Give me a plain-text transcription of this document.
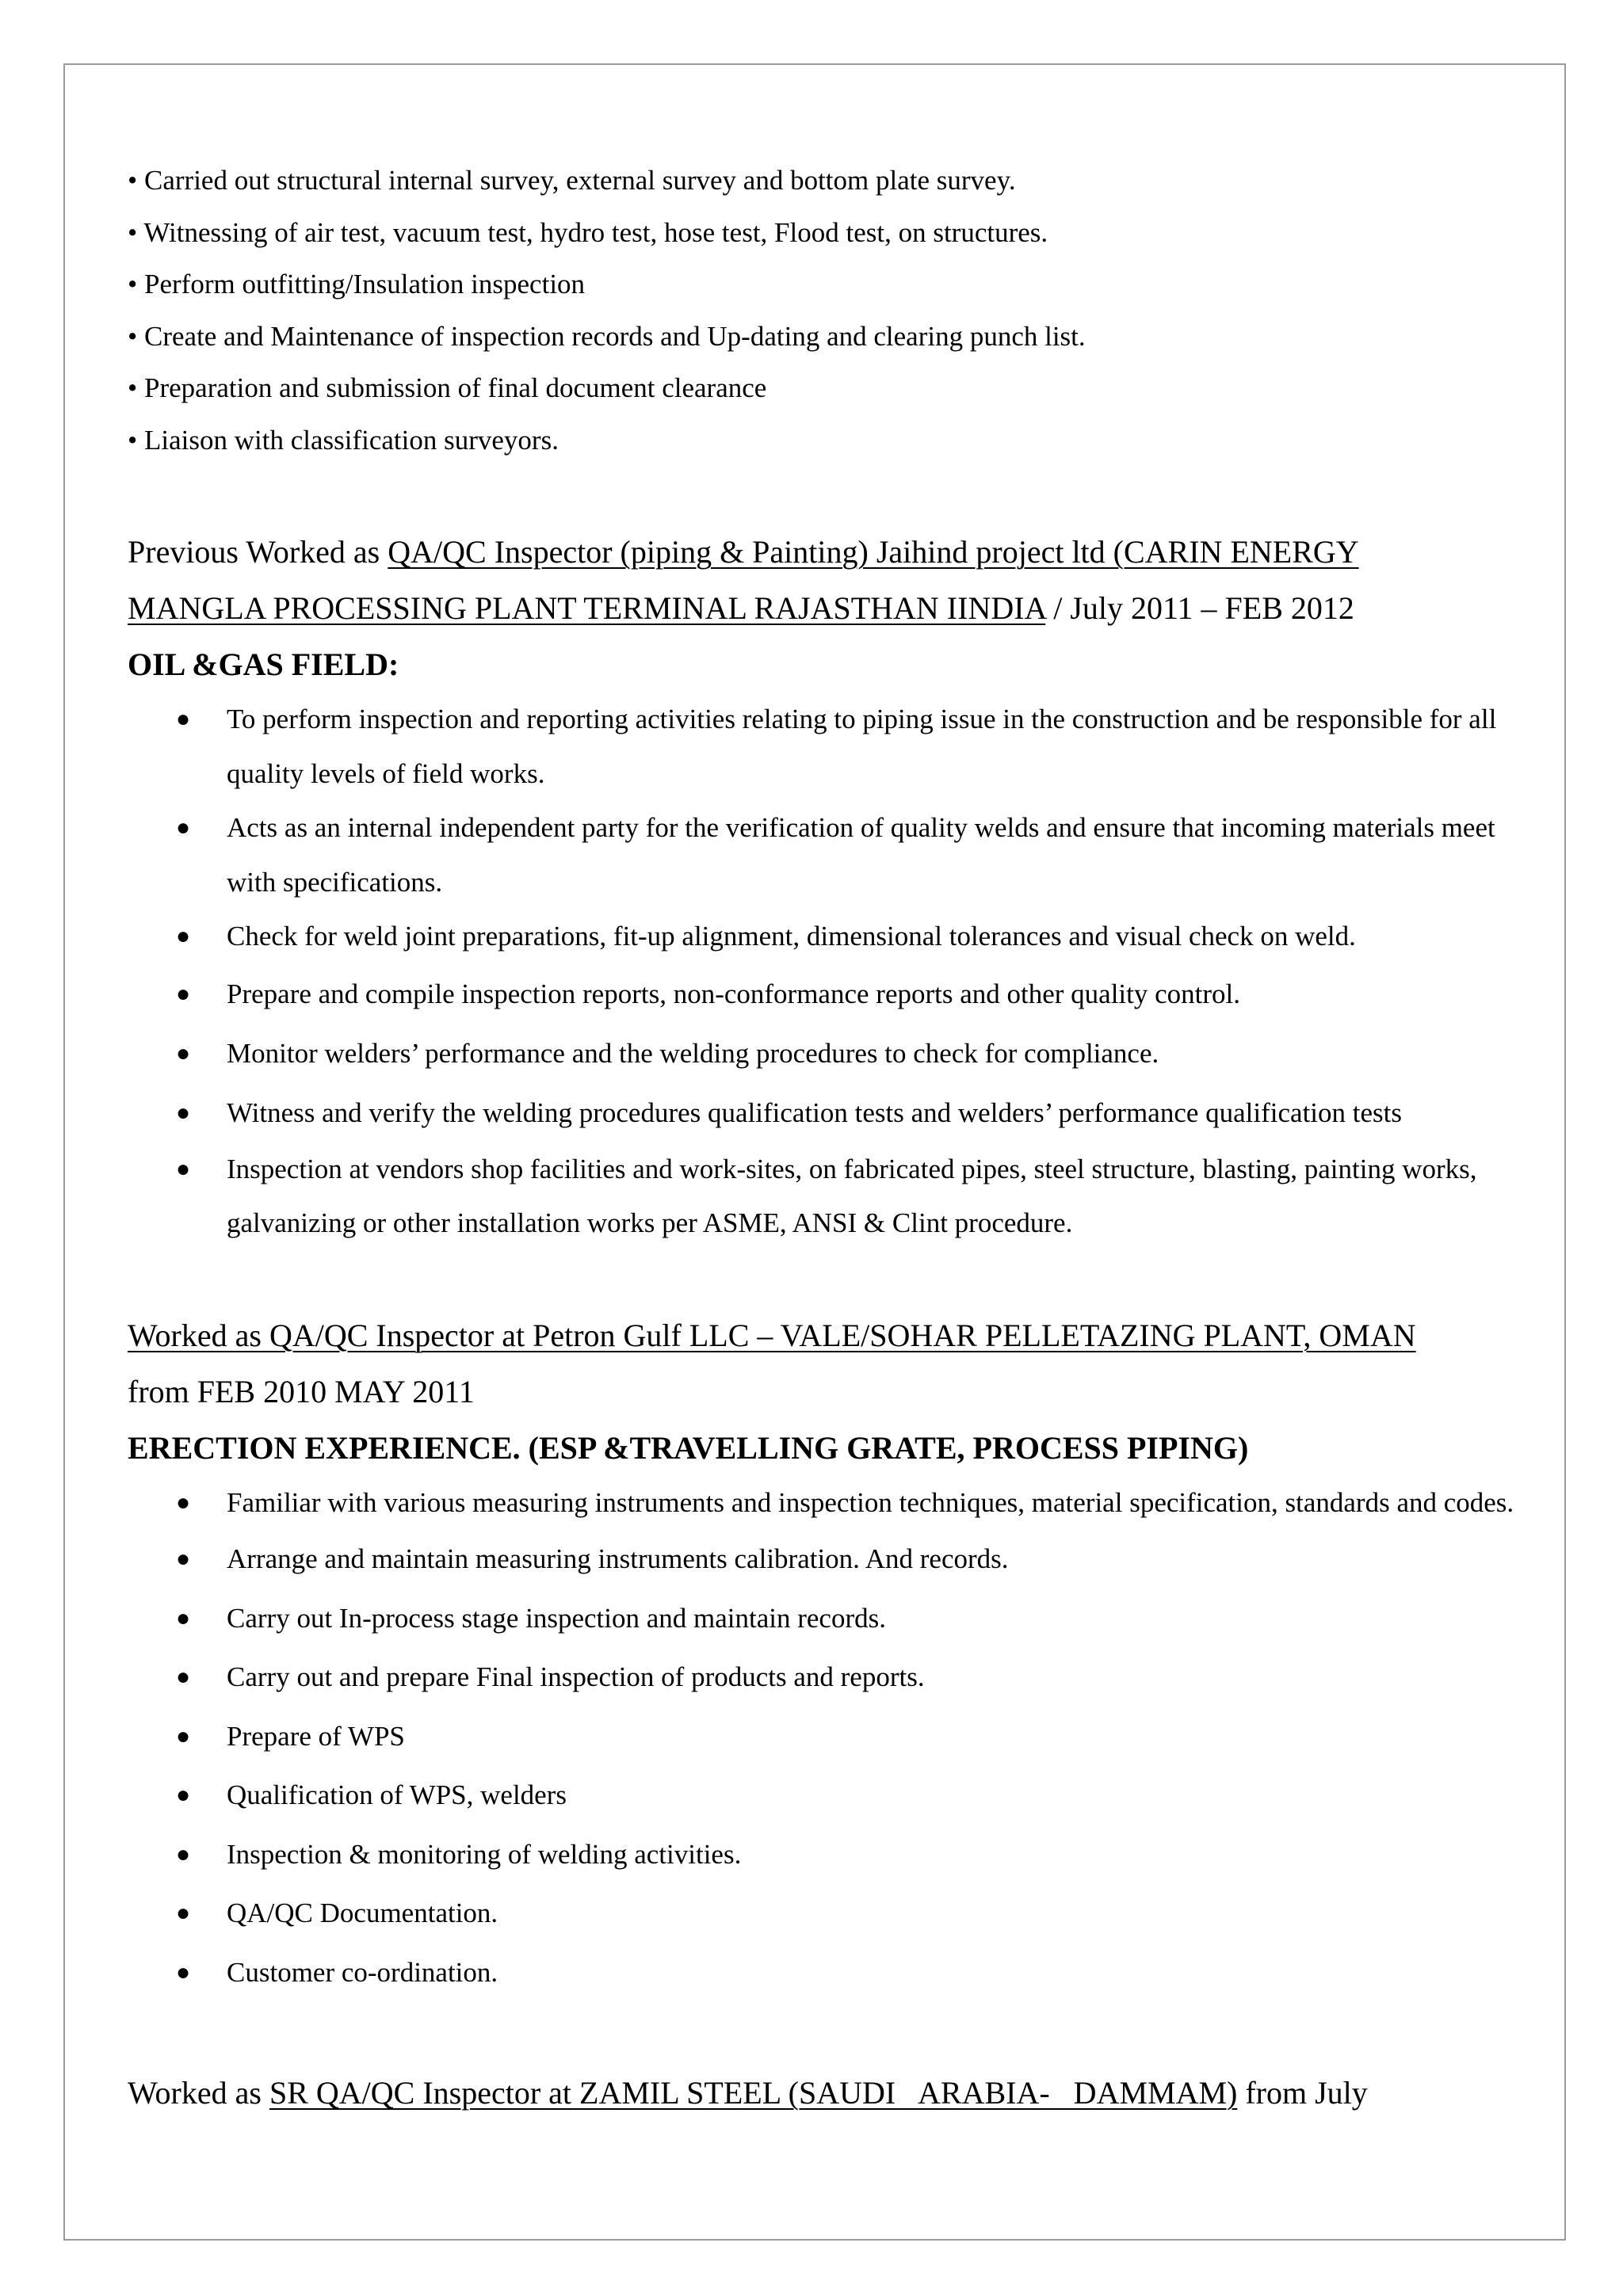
• Carried out structural internal survey, external survey and bottom plate survey.
• Witnessing of air test, vacuum test, hydro test, hose test, Flood test, on structures.
• Perform outfitting/Insulation inspection
• Create and Maintenance of inspection records and Up-dating and clearing punch list.
• Preparation and submission of final document clearance
• Liaison with classification surveyors.

Previous Worked as QA/QC Inspector (piping & Painting) Jaihind project ltd (CARIN ENERGY

MANGLA PROCESSING PLANT TERMINAL RAJASTHAN IINDIA / July 2011 – FEB 2012

OIL &GAS FIELD:

● To perform inspection and reporting activities relating to piping issue in the construction and be responsible for all quality levels of field works.
● Acts as an internal independent party for the verification of quality welds and ensure that incoming materials meet with specifications.
● Check for weld joint preparations, fit-up alignment, dimensional tolerances and visual check on weld.
● Prepare and compile inspection reports, non-conformance reports and other quality control.
● Monitor welders’ performance and the welding procedures to check for compliance.
● Witness and verify the welding procedures qualification tests and welders’ performance qualification tests
● Inspection at vendors shop facilities and work-sites, on fabricated pipes, steel structure, blasting, painting works, galvanizing or other installation works per ASME, ANSI & Clint procedure.

Worked as QA/QC Inspector at Petron Gulf LLC – VALE/SOHAR PELLETAZING PLANT, OMAN

from FEB 2010 MAY 2011

ERECTION EXPERIENCE. (ESP &TRAVELLING GRATE, PROCESS PIPING)

● Familiar with various measuring instruments and inspection techniques, material specification, standards and codes.
● Arrange and maintain measuring instruments calibration. And records.
● Carry out In-process stage inspection and maintain records.
● Carry out and prepare Final inspection of products and reports.
● Prepare of WPS
● Qualification of WPS, welders
● Inspection & monitoring of welding activities.
● QA/QC Documentation.
● Customer co-ordination.

Worked as SR QA/QC Inspector at ZAMIL STEEL (SAUDI   ARABIA-   DAMMAM) from July
